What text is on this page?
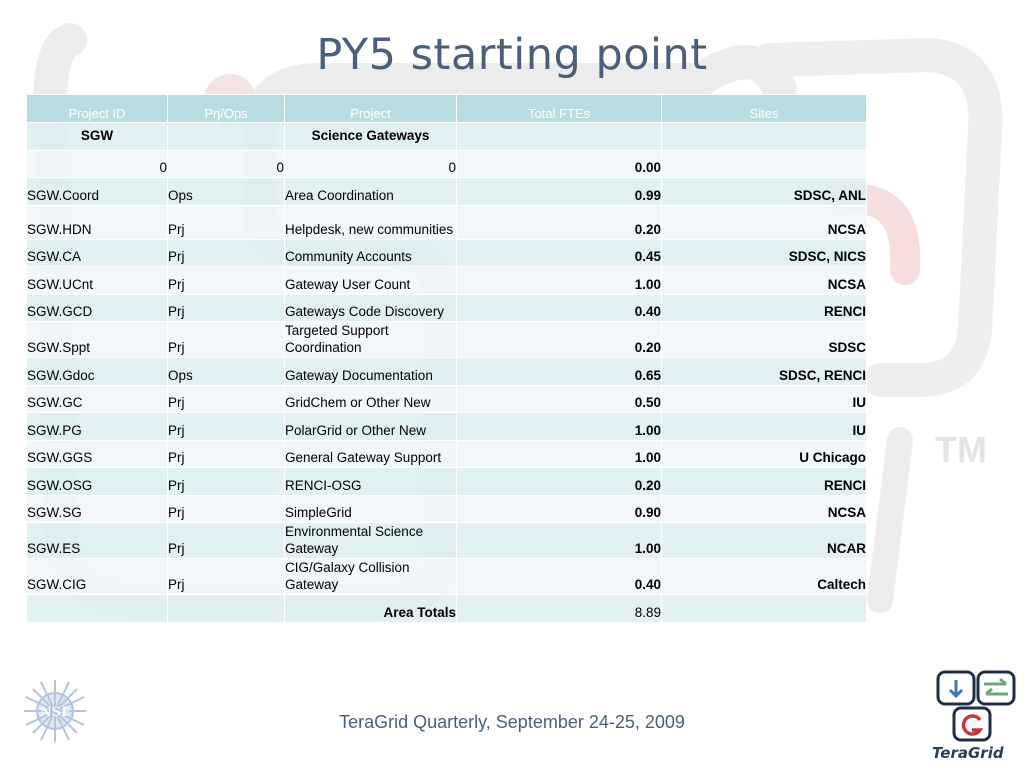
TM
PY5 starting point
Project ID	Prj/Ops	Project	Total FTEs	Sites
SGW		Science Gateways		
0	0	0	0.00	
SGW.Coord	Ops	Area Coordination	0.99	SDSC, ANL
SGW.HDN	Prj	Helpdesk, new communities	0.20	NCSA
SGW.CA	Prj	Community Accounts	0.45	SDSC, NICS
SGW.UCnt	Prj	Gateway User Count	1.00	NCSA
SGW.GCD	Prj	Gateways Code Discovery	0.40	RENCI
SGW.Sppt	Prj	Targeted Support Coordination	0.20	SDSC
SGW.Gdoc	Ops	Gateway Documentation	0.65	SDSC, RENCI
SGW.GC	Prj	GridChem or Other New	0.50	IU
SGW.PG	Prj	PolarGrid or Other New	1.00	IU
SGW.GGS	Prj	General Gateway Support	1.00	U Chicago
SGW.OSG	Prj	RENCI-OSG	0.20	RENCI
SGW.SG	Prj	SimpleGrid	0.90	NCSA
SGW.ES	Prj	Environmental Science Gateway	1.00	NCAR
SGW.CIG	Prj	CIG/Galaxy Collision Gateway	0.40	Caltech
		Area Totals	8.89	
NSF	TeraGrid Quarterly, September 24-25, 2009
TeraGrid
